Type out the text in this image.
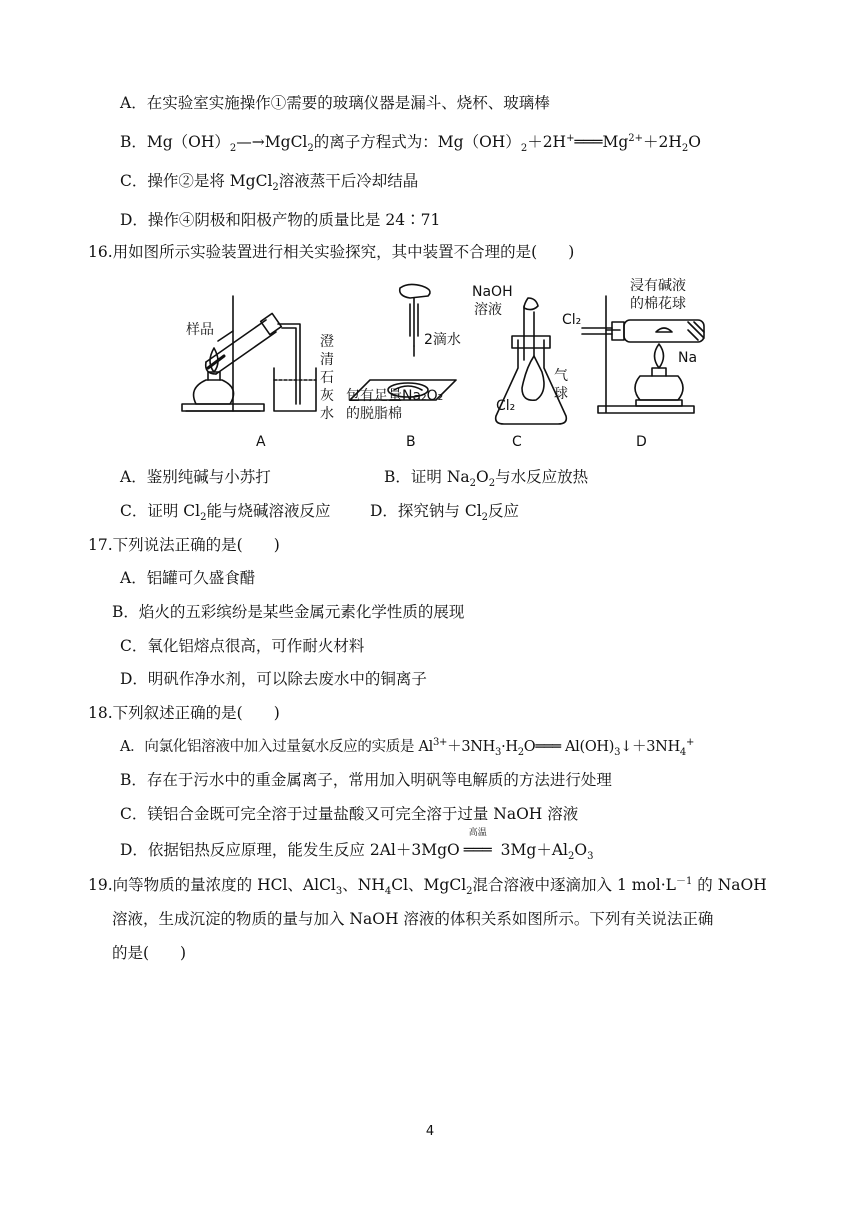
A．在实验室实施操作①需要的玻璃仪器是漏斗、烧杯、玻璃棒
B．$Mg(OH)_2—\to MgCl_2$的离子方程式为：$Mg(OH)_2+2H^+═══Mg^{2+}+2H_2O$
C．操作②是将 MgCl$_2$溶液蒸干后冷却结晶
D．操作④阴极和阳极产物的质量比是 24∶71
16.用如图所示实验装置进行相关实验探究，其中装置不合理的是(　　)
样品
澄
清
石
灰
水
2滴水
包有足量Na₂O₂
的脱脂棉
NaOH
溶液
Cl₂
气
球
Cl₂
浸有碱液
的棉花球
Na
A	B	C	D
A．鉴别纯碱与小苏打	B．证明 $Na_2O_2$与水反应放热
C．证明 $Cl_2$能与烧碱溶液反应	D．探究钠与 $Cl_2$反应
17.下列说法正确的是(　　)
A．铝罐可久盛食醋
B．焰火的五彩缤纷是某些金属元素化学性质的展现
C．氧化铝熔点很高，可作耐火材料
D．明矾作净水剂，可以除去废水中的铜离子
18.下列叙述正确的是(　　)
A．向氯化铝溶液中加入过量氨水反应的实质是 $Al^{3+}+3NH_3\cdot H_2O═══$ $Al(OH)_3↓+3NH_4^+$
B．存在于污水中的重金属离子，常用加入明矾等电解质的方法进行处理
C．镁铝合金既可完全溶于过量盐酸又可完全溶于过量 NaOH 溶液
D．依据铝热反应原理，能发生反应 2Al＋3MgO
高温
═══ $3Mg+Al_2O_3$
19.向等物质的量浓度的 HCl、AlCl$_3$、$NH_4Cl$、MgCl$_2$混合溶液中逐滴加入 1 $mol\cdot L^{-1}$ 的 NaOH
溶液，生成沉淀的物质的量与加入 NaOH 溶液的体积关系如图所示。下列有关说法正确
的是(　　)
4
